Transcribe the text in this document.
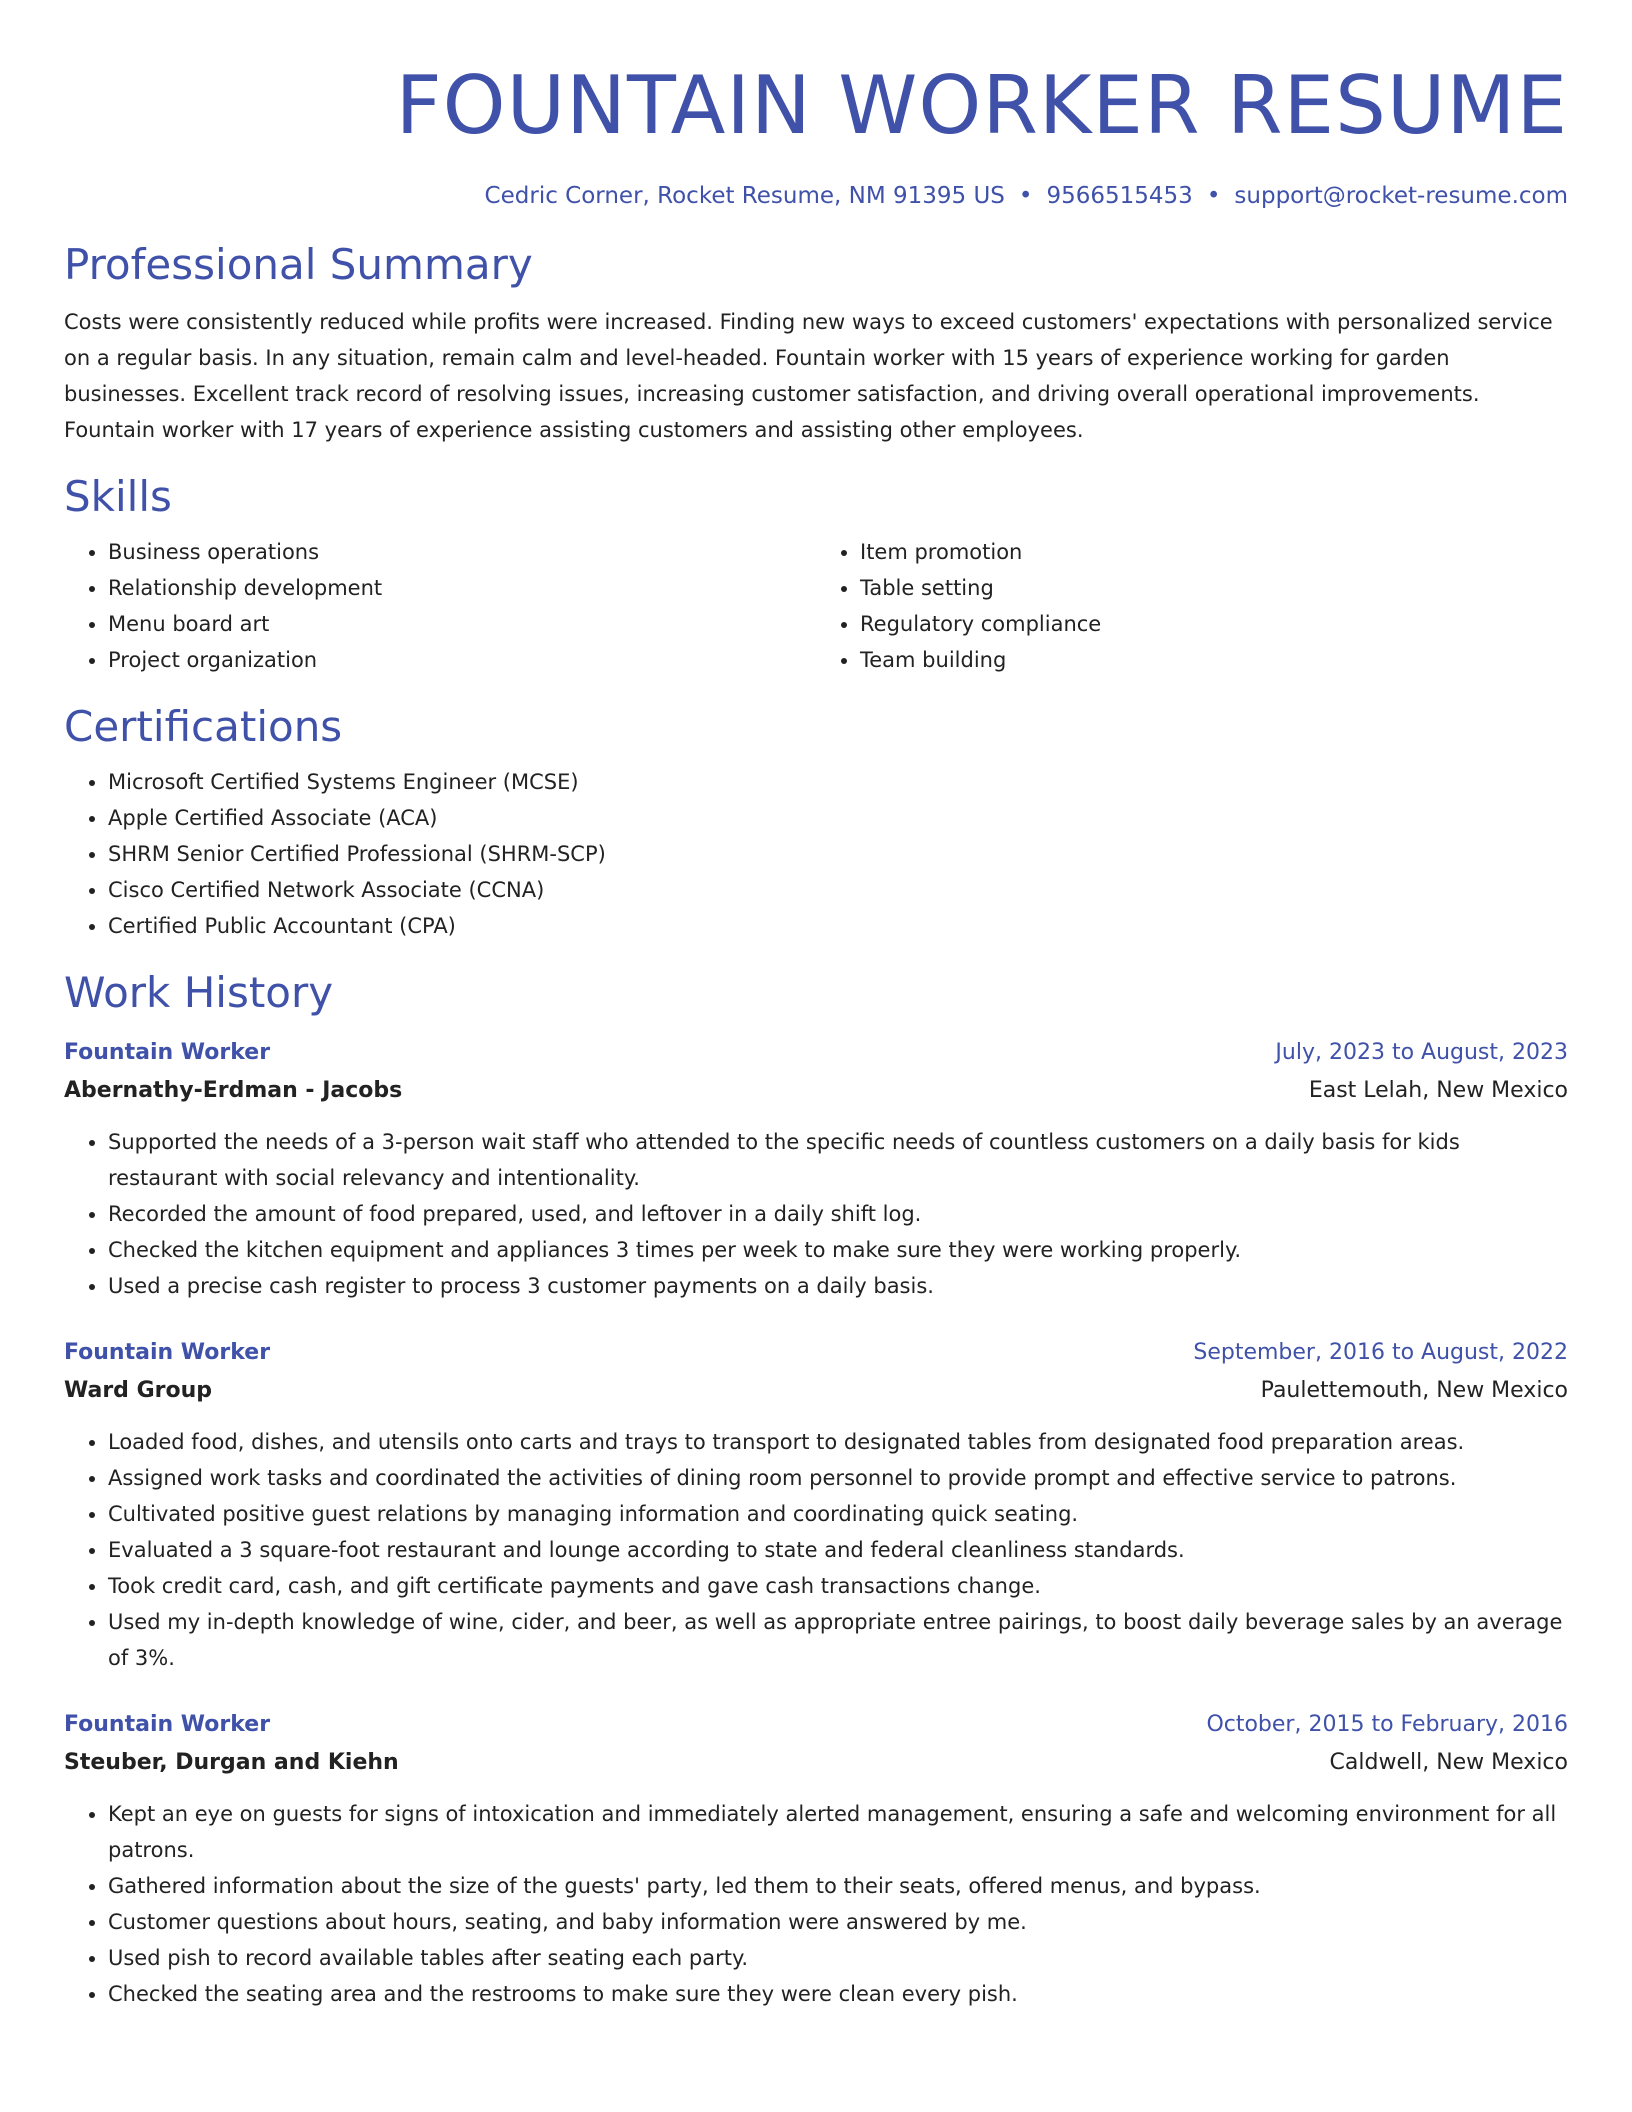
FOUNTAIN WORKER RESUME
Cedric Corner, Rocket Resume, NM 91395 US • 9566515453 • support@rocket-resume.com
Professional Summary

Costs were consistently reduced while profits were increased. Finding new ways to exceed customers' expectations with personalized service on a regular basis. In any situation, remain calm and level-headed. Fountain worker with 15 years of experience working for garden businesses. Excellent track record of resolving issues, increasing customer satisfaction, and driving overall operational improvements. Fountain worker with 17 years of experience assisting customers and assisting other employees.

Skills
• Business operations
• Relationship development
• Menu board art
• Project organization
• Item promotion
• Table setting
• Regulatory compliance
• Team building
Certifications
• Microsoft Certified Systems Engineer (MCSE)
• Apple Certified Associate (ACA)
• SHRM Senior Certified Professional (SHRM-SCP)
• Cisco Certified Network Associate (CCNA)
• Certified Public Accountant (CPA)
Work History
Fountain Worker	July, 2023 to August, 2023
Abernathy-Erdman - Jacobs	East Lelah, New Mexico
• Supported the needs of a 3-person wait staff who attended to the specific needs of countless customers on a daily basis for kids restaurant with social relevancy and intentionality.
• Recorded the amount of food prepared, used, and leftover in a daily shift log.
• Checked the kitchen equipment and appliances 3 times per week to make sure they were working properly.
• Used a precise cash register to process 3 customer payments on a daily basis.
Fountain Worker	September, 2016 to August, 2022
Ward Group	Paulettemouth, New Mexico
• Loaded food, dishes, and utensils onto carts and trays to transport to designated tables from designated food preparation areas.
• Assigned work tasks and coordinated the activities of dining room personnel to provide prompt and effective service to patrons.
• Cultivated positive guest relations by managing information and coordinating quick seating.
• Evaluated a 3 square-foot restaurant and lounge according to state and federal cleanliness standards.
• Took credit card, cash, and gift certificate payments and gave cash transactions change.
• Used my in-depth knowledge of wine, cider, and beer, as well as appropriate entree pairings, to boost daily beverage sales by an average of 3%.
Fountain Worker	October, 2015 to February, 2016
Steuber, Durgan and Kiehn	Caldwell, New Mexico
• Kept an eye on guests for signs of intoxication and immediately alerted management, ensuring a safe and welcoming environment for all patrons.
• Gathered information about the size of the guests' party, led them to their seats, offered menus, and bypass.
• Customer questions about hours, seating, and baby information were answered by me.
• Used pish to record available tables after seating each party.
• Checked the seating area and the restrooms to make sure they were clean every pish.
